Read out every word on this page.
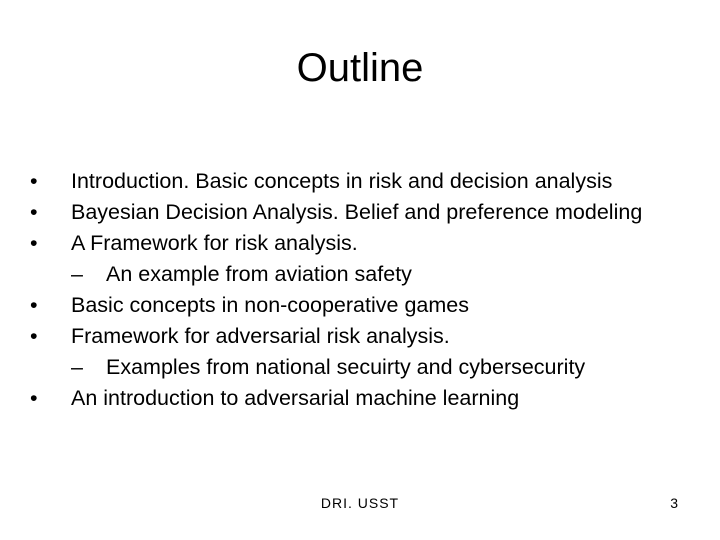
Outline
•	Introduction. Basic concepts in risk and decision analysis
•	Bayesian Decision Analysis. Belief and preference modeling
•	A Framework for risk analysis.
–	An example from aviation safety
•	Basic concepts in non-cooperative games
•	Framework for adversarial risk analysis.
–	Examples from national secuirty and cybersecurity
•	An introduction to adversarial machine learning
DRI. USST	3
